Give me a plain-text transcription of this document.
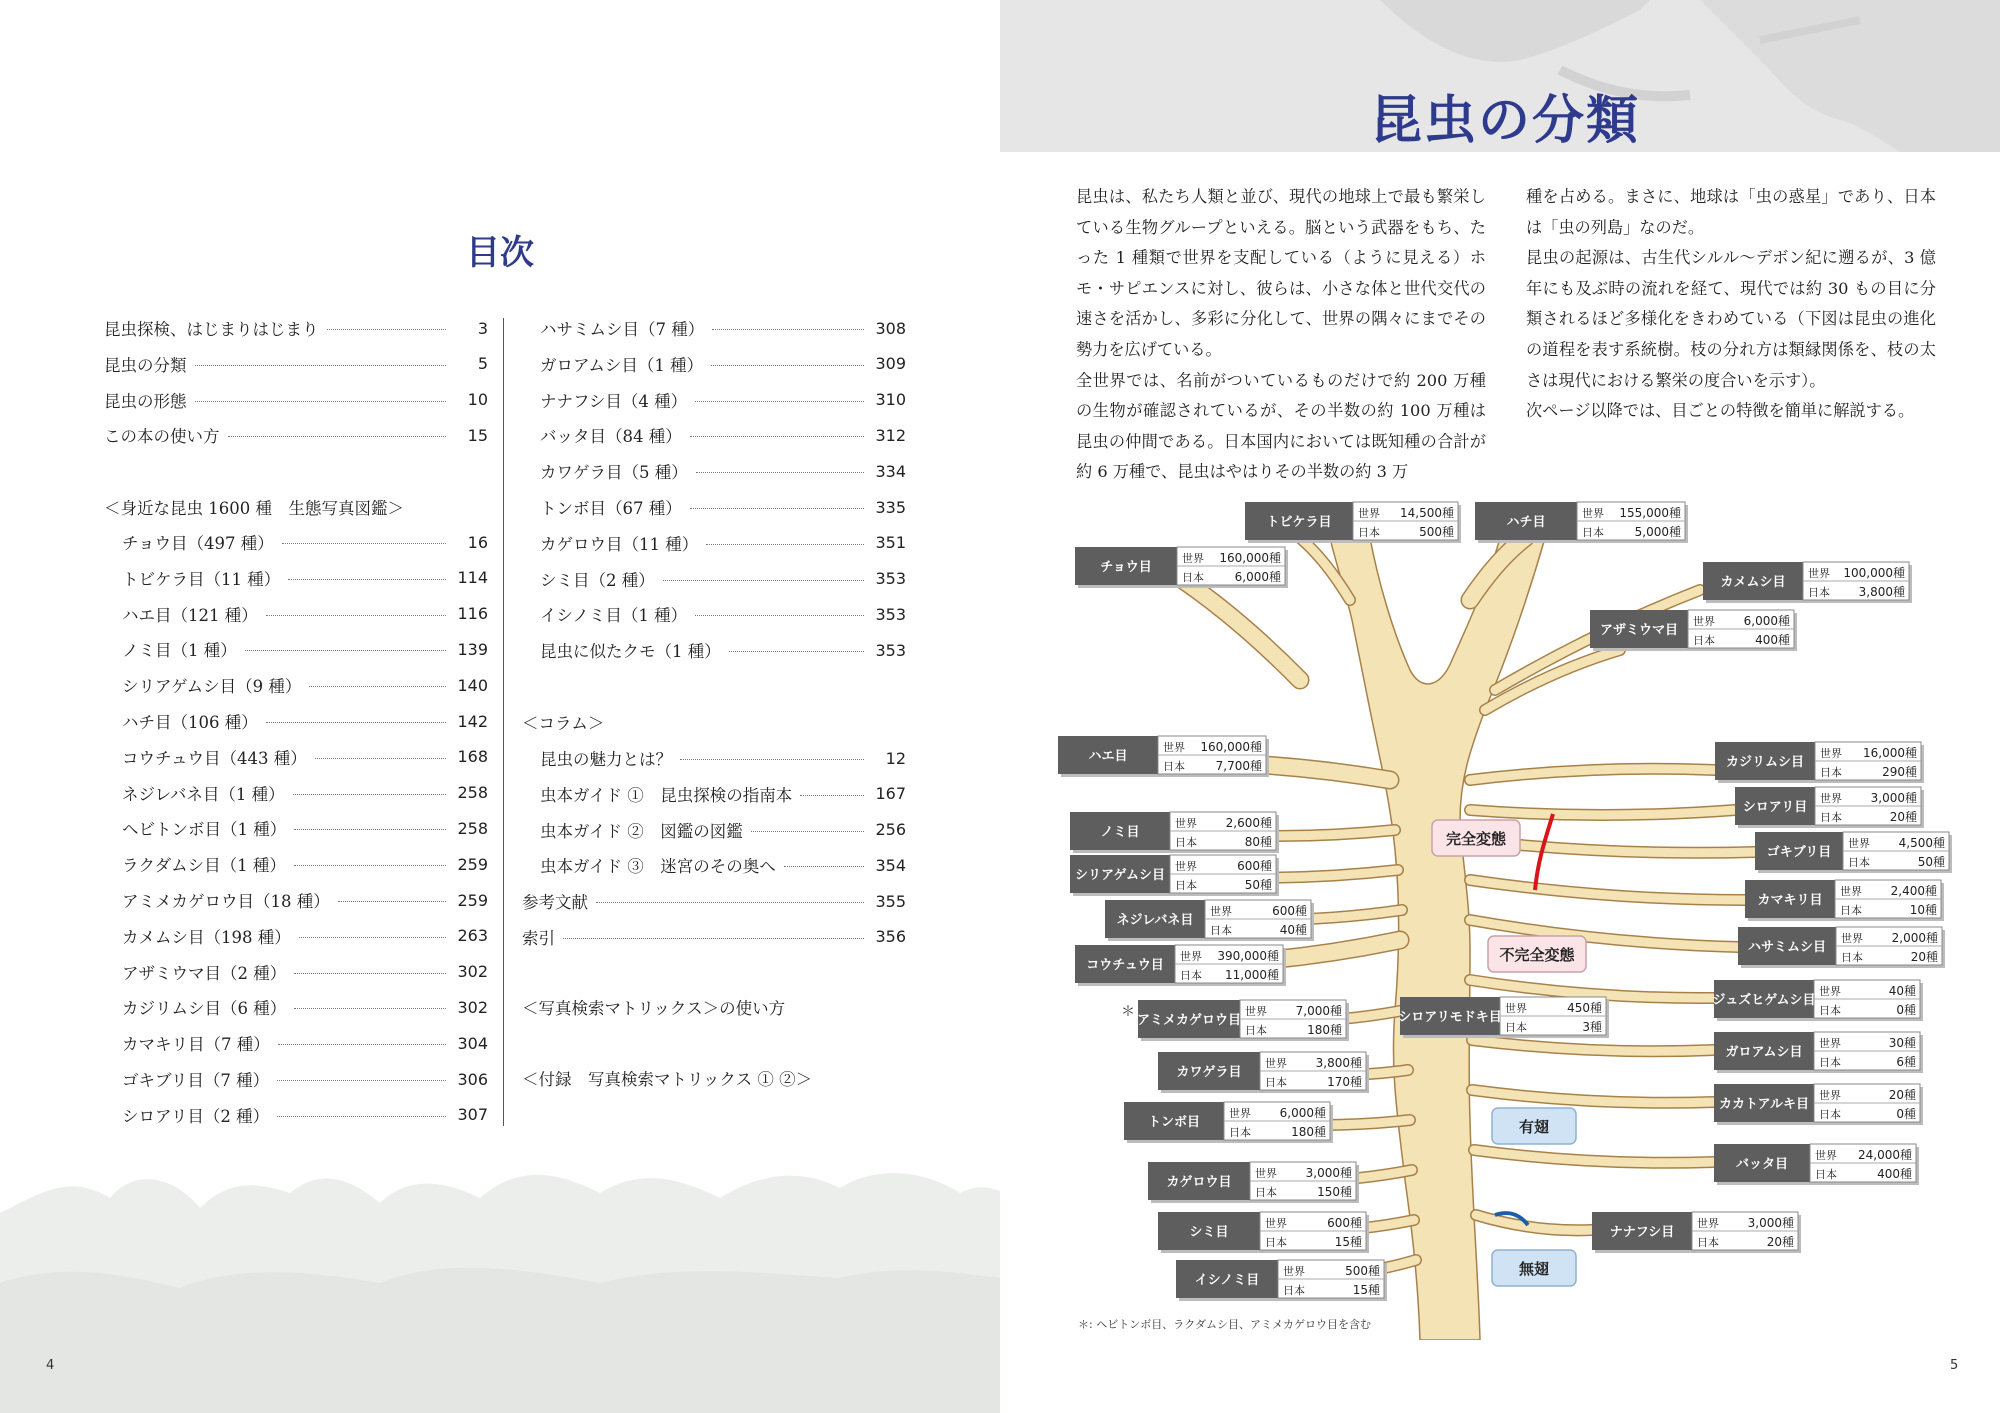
目次
昆虫探検、はじまりはじまり	3
昆虫の分類	5
昆虫の形態	10
この本の使い方	15
チョウ目（497 種）	16
トビケラ目（11 種）	114
ハエ目（121 種）	116
ノミ目（1 種）	139
シリアゲムシ目（9 種）	140
ハチ目（106 種）	142
コウチュウ目（443 種）	168
ネジレバネ目（1 種）	258
ヘビトンボ目（1 種）	258
ラクダムシ目（1 種）	259
アミメカゲロウ目（18 種）	259
カメムシ目（198 種）	263
アザミウマ目（2 種）	302
カジリムシ目（6 種）	302
カマキリ目（7 種）	304
ゴキブリ目（7 種）	306
シロアリ目（2 種）	307
＜身近な昆虫 1600 種　生態写真図鑑＞
ハサミムシ目（7 種）	308
ガロアムシ目（1 種）	309
ナナフシ目（4 種）	310
バッタ目（84 種）	312
カワゲラ目（5 種）	334
トンボ目（67 種）	335
カゲロウ目（11 種）	351
シミ目（2 種）	353
イシノミ目（1 種）	353
昆虫に似たクモ（1 種）	353
昆虫の魅力とは？	12
虫本ガイド ①　昆虫探検の指南本	167
虫本ガイド ②　図鑑の図鑑	256
虫本ガイド ③　迷宮のその奥へ	354
参考文献	355
索引	356
＜コラム＞
＜写真検索マトリックス＞の使い方
＜付録　写真検索マトリックス ① ②＞
4
昆虫の分類

昆虫は、私たち人類と並び、現代の地球上で最も繁栄している生物グループといえる。脳という武器をもち、たった 1 種類で世界を支配している（ように見える）ホモ・サピエンスに対し、彼らは、小さな体と世代交代の速さを活かし、多彩に分化して、世界の隅々にまでその勢力を広げている。

全世界では、名前がついているものだけで約 200 万種の生物が確認されているが、その半数の約 100 万種は昆虫の仲間である。日本国内においては既知種の合計が約 6 万種で、昆虫はやはりその半数の約 3 万

種を占める。まさに、地球は「虫の惑星」であり、日本は「虫の列島」なのだ。

昆虫の起源は、古生代シルル〜デボン紀に遡るが、3 億年にも及ぶ時の流れを経て、現代では約 30 もの目に分類されるほど多様化をきわめている（下図は昆虫の進化の道程を表す系統樹。枝の分れ方は類縁関係を、枝の太さは現代における繁栄の度合いを示す）。

次ページ以降では、目ごとの特徴を簡単に解説する。

完全変態
不完全変態
有翅
無翅
トビケラ目
世界 14,500種
日本	500種
ハチ目
世界 155,000種
日本	5,000種
チョウ目
世界 160,000種
日本	6,000種	カメムシ目
世界 100,000種
日本 3,800種
アザミウマ目
世界 6,000種
日本	400種
ハエ目
世界 160,000種
日本	7,700種	カジリムシ目
世界 16,000種
日本	290種
シロアリ目
世界 3,000種
日本	20種
ノミ目
世界 2,600種
日本	80種
ゴキブリ目
世界 4,500種
日本	50種
シリアゲムシ目
世界	600種
日本	50種
カマキリ目
世界 2,400種
日本	10種
ネジレバネ目
世界	600種
日本	40種
ハサミムシ目
世界 2,000種
日本	20種
コウチュウ目
世界 390,000種
日本 11,000種
ジュズヒゲムシ目
世界	40種
日本	0種
アミメカゲロウ目
世界 7,000種
日本	180種
シロアリモドキ目
世界	450種
日本	3種
ガロアムシ目
世界	30種
日本	6種
カワゲラ目
世界 3,800種
日本	170種
カカトアルキ目
世界	20種
日本	0種
トンボ目
世界 6,000種
日本	180種
バッタ目
世界 24,000種
日本	400種
カゲロウ目
世界 3,000種
日本	150種
シミ目
世界	600種
日本	15種
ナナフシ目
世界 3,000種
日本	20種
イシノミ目
世界	500種
日本	15種
＊
＊: ヘビトンボ目、ラクダムシ目、アミメカゲロウ目を含む
5
